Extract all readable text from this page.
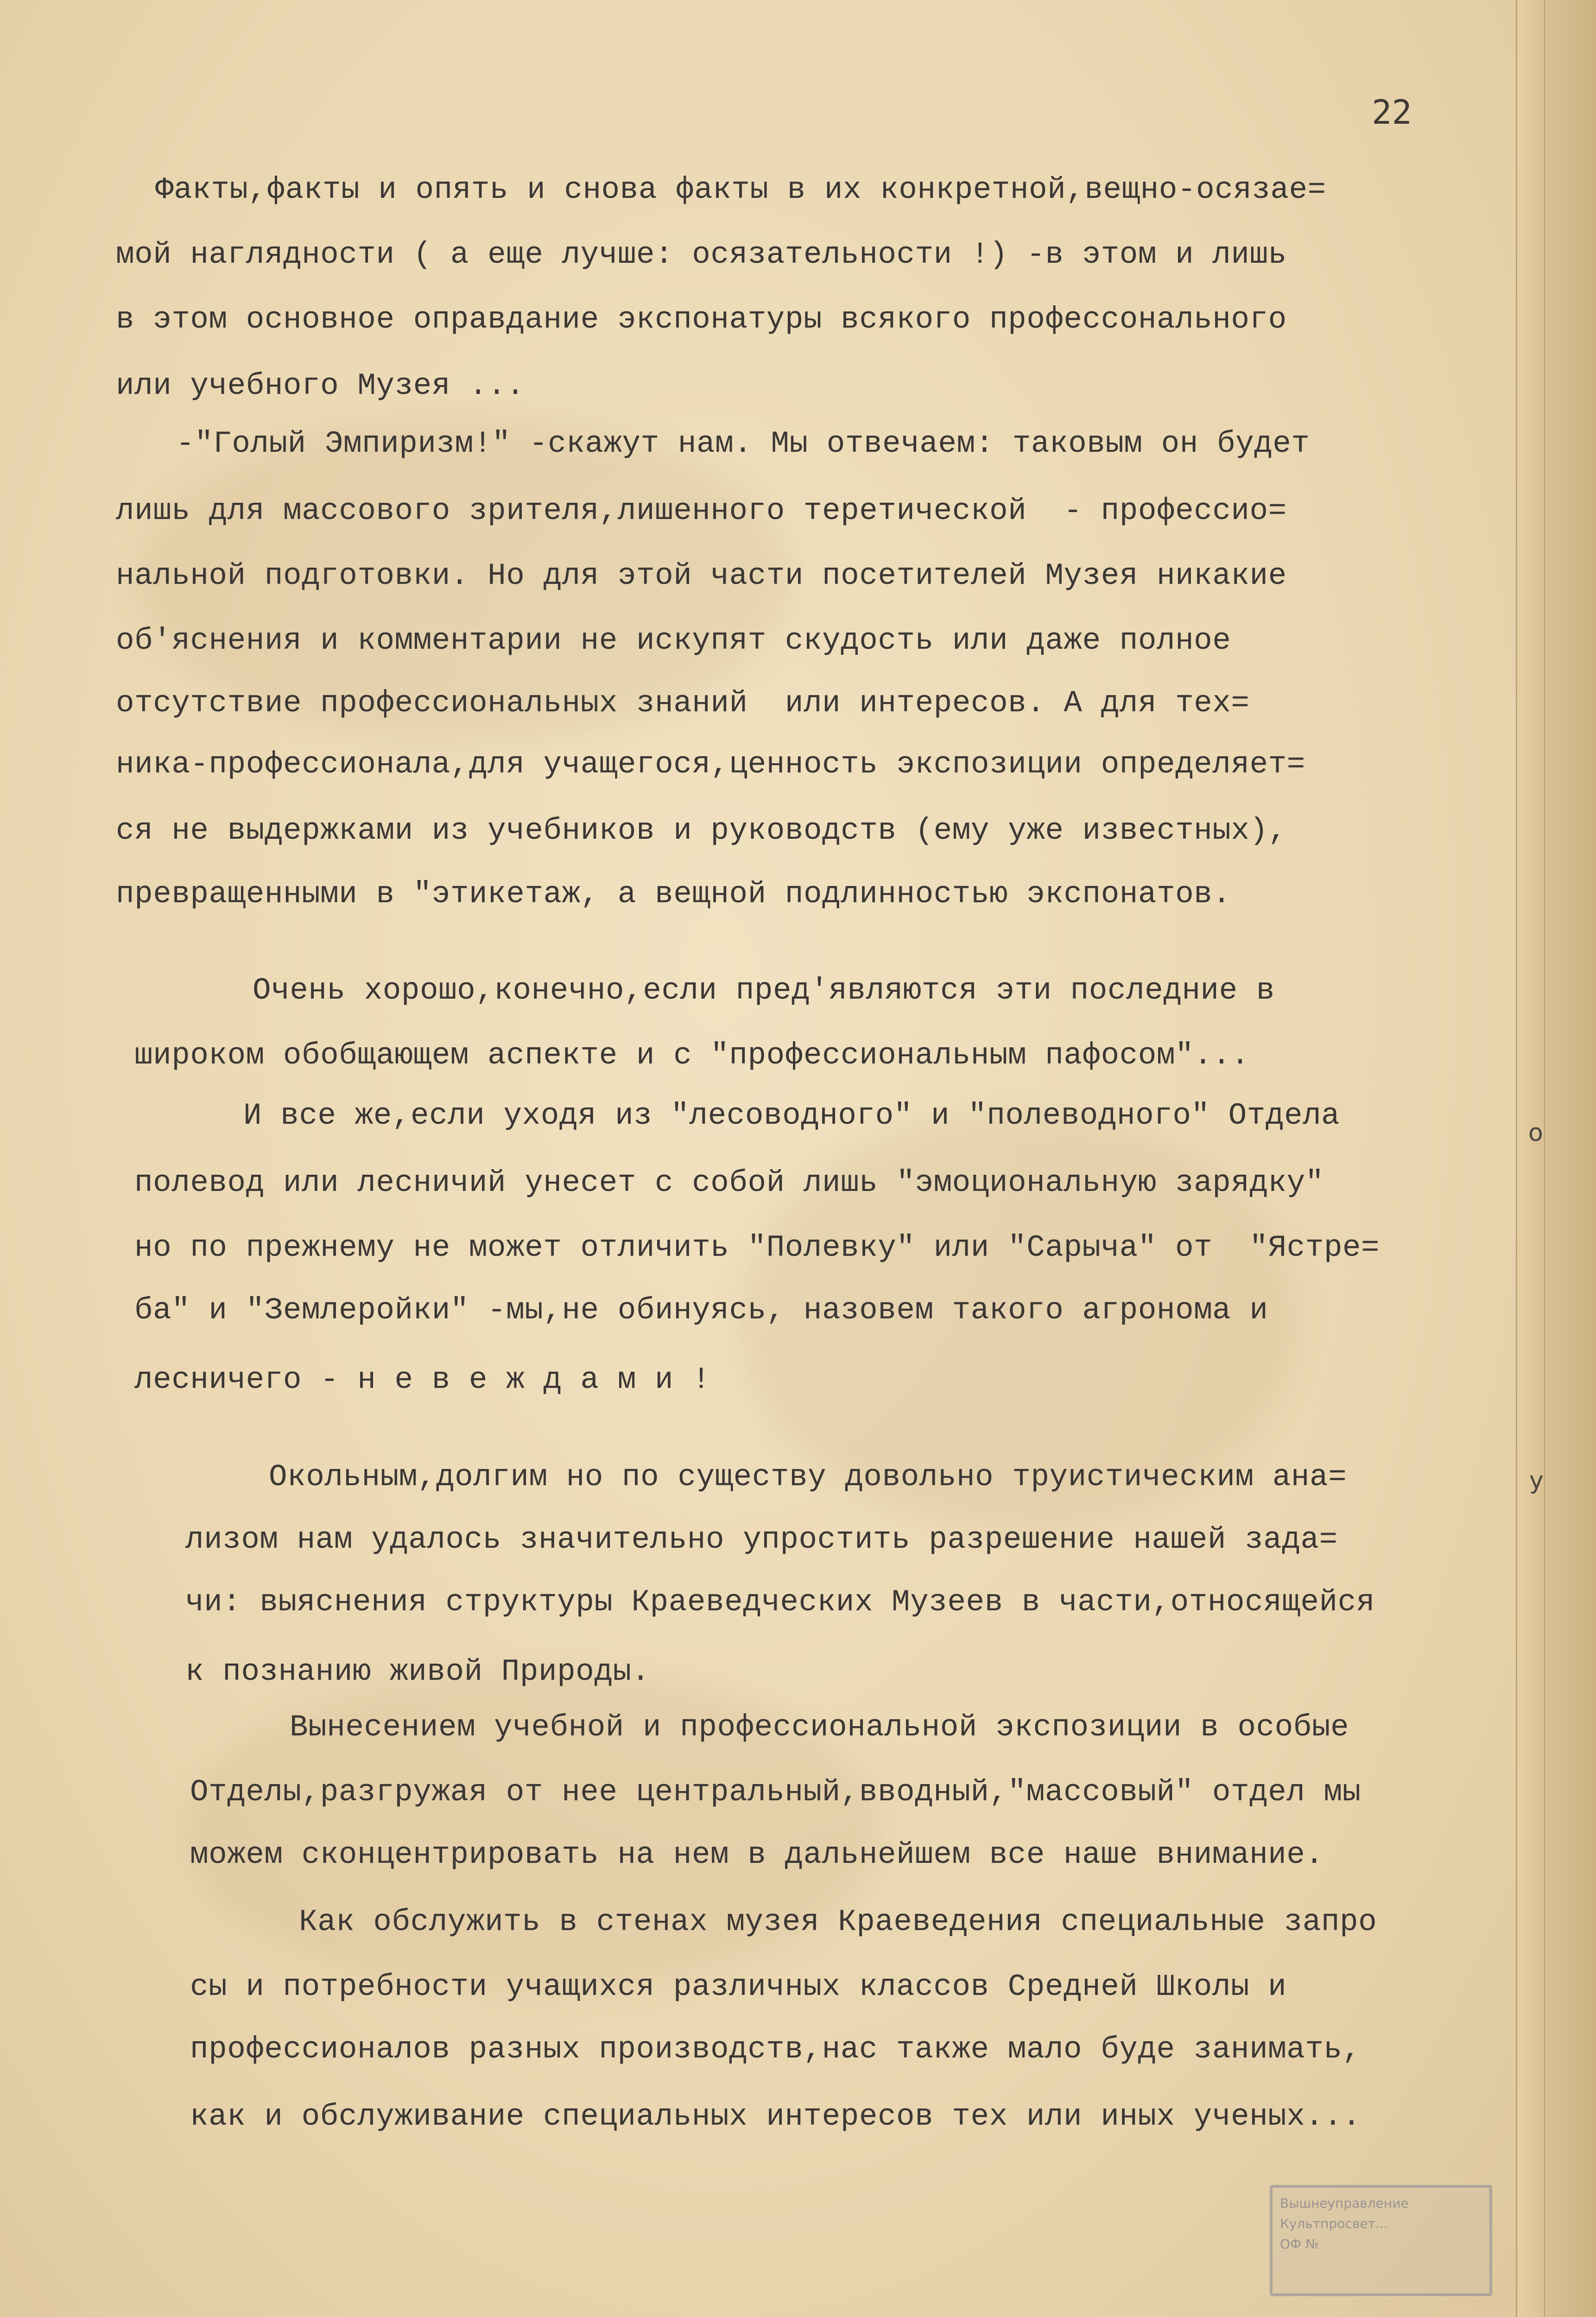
22
Факты,факты и опять и снова факты в их конкретной,вещно-осязае=
мой наглядности ( а еще лучше: осязательности !) -в этом и лишь
в этом основное оправдание экспонатуры всякого профессонального
или учебного Музея ...
-"Голый Эмпиризм!" -скажут нам. Мы отвечаем: таковым он будет
лишь для массового зрителя,лишенного теретической  - профессио=
нальной подготовки. Но для этой части посетителей Музея никакие
об'яснения и комментарии не искупят скудость или даже полное
отсутствие профессиональных знаний  или интересов. А для тех=
ника-профессионала,для учащегося,ценность экспозиции определяет=
ся не выдержками из учебников и руководств (ему уже известных),
превращенными в "этикетаж, а вещной подлинностью экспонатов.
Очень хорошо,конечно,если пред'являются эти последние в
широком обобщающем аспекте и с "профессиональным пафосом"...
И все же,если уходя из "лесоводного" и "полеводного" Отдела
полевод или лесничий унесет с собой лишь "эмоциональную зарядку"
но по прежнему не может отличить "Полевку" или "Сарыча" от  "Ястре=
ба" и "Землеройки" -мы,не обинуясь, назовем такого агронома и
лесничего - н е в е ж д а м и !
Окольным,долгим но по существу довольно труистическим ана=
лизом нам удалось значительно упростить разрешение нашей зада=
чи: выяснения структуры Краеведческих Музеев в части,относящейся
к познанию живой Природы.
Вынесением учебной и профессиональной экспозиции в особые
Отделы,разгружая от нее центральный,вводный,"массовый" отдел мы
можем сконцентрировать на нем в дальнейшем все наше внимание.
Как обслужить в стенах музея Краеведения специальные запро
сы и потребности учащихся различных классов Средней Школы и
профессионалов разных производств,нас также мало буде занимать,
как и обслуживание специальных интересов тех или иных ученых...
о
у
Вышнеуправление
Культпросвет...
ОФ №
